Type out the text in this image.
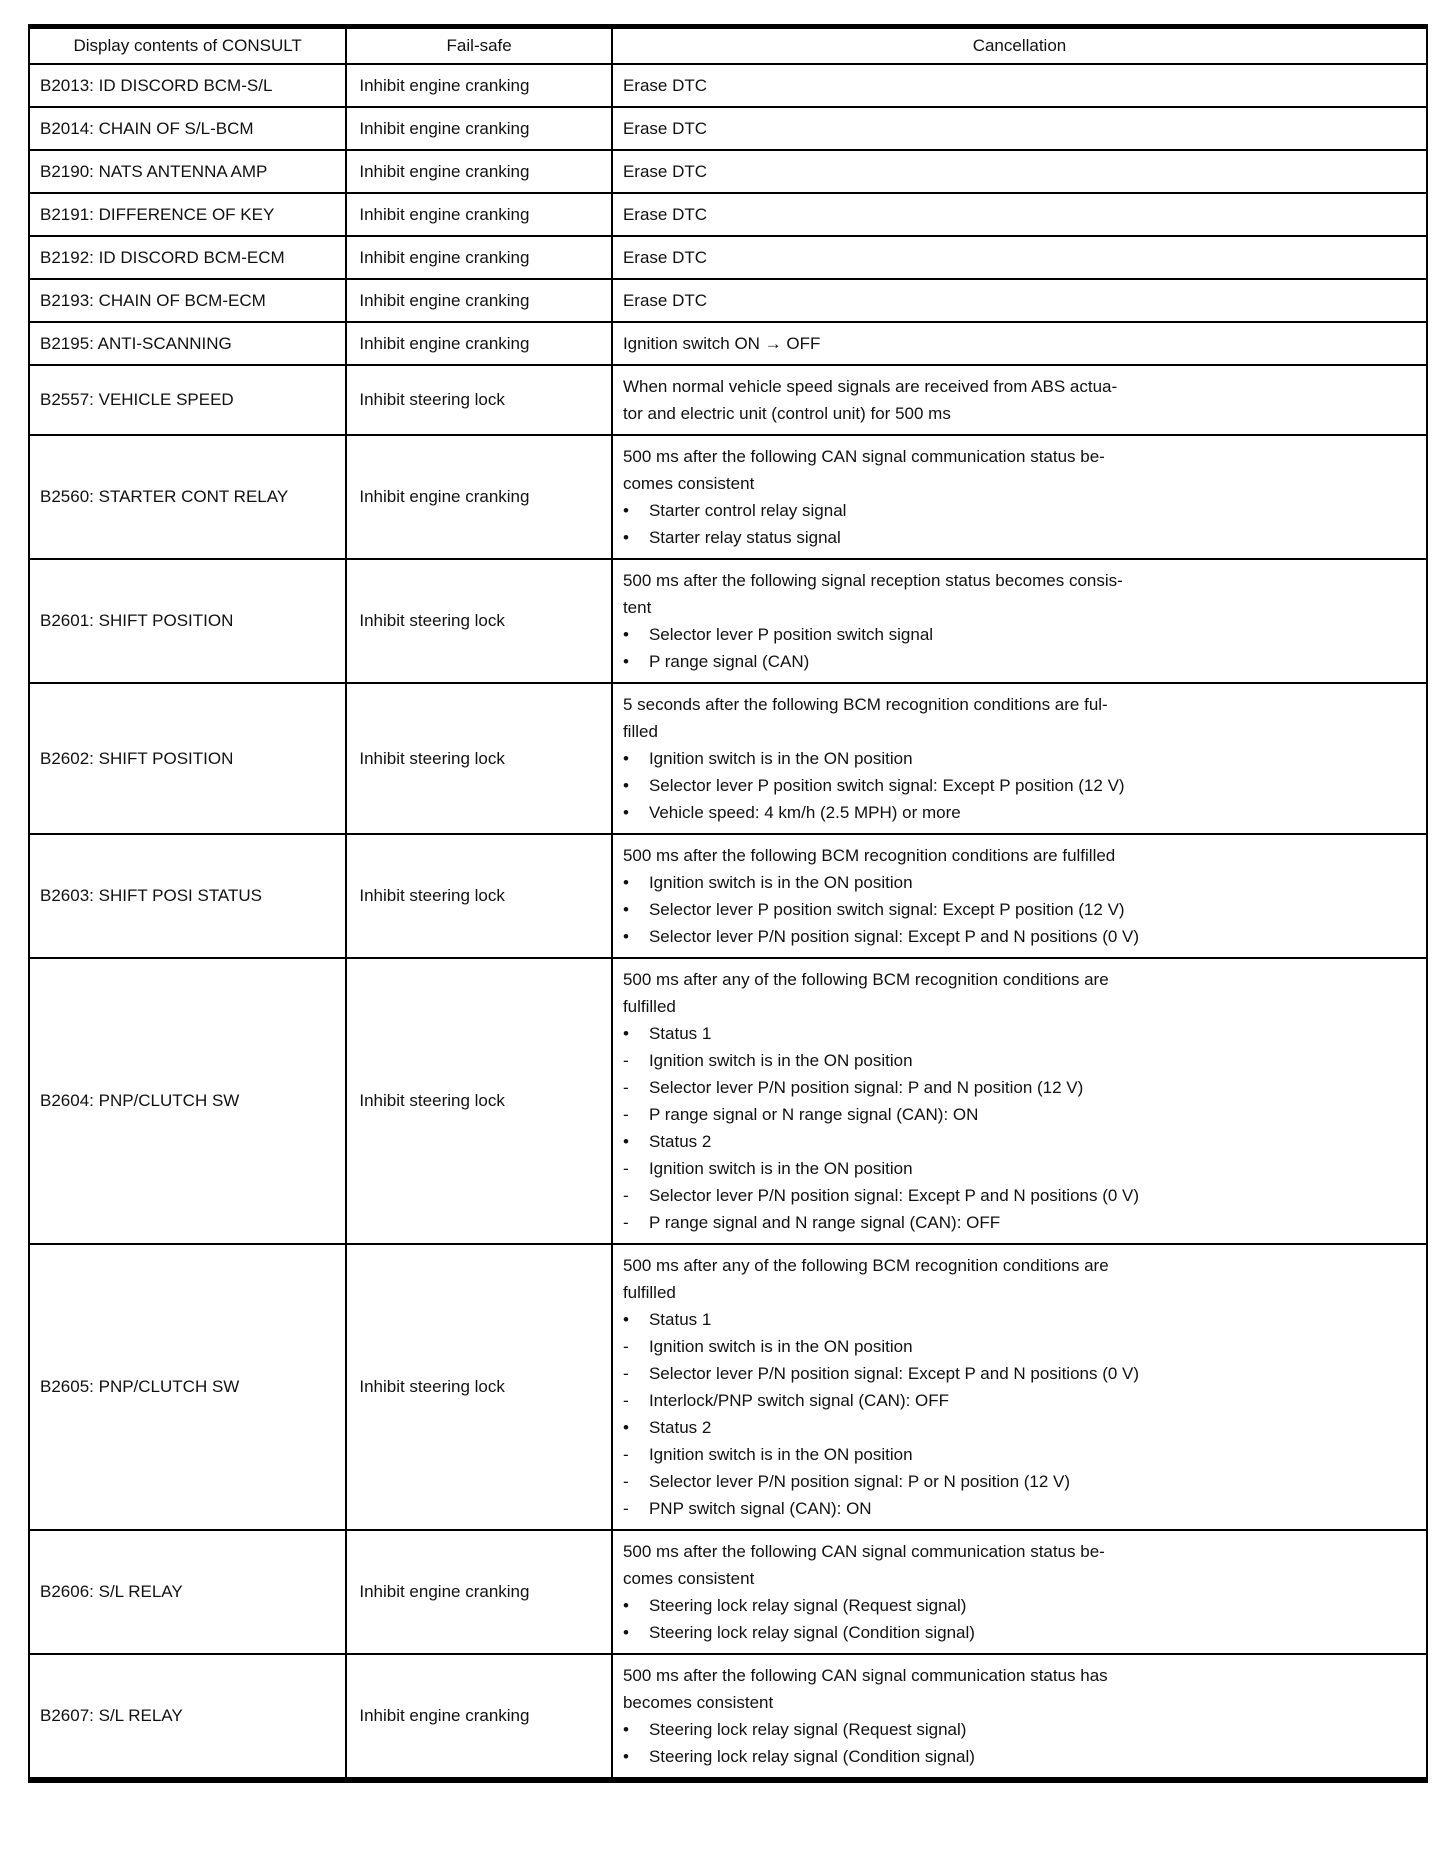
Display contents of CONSULT	Fail-safe	Cancellation
B2013: ID DISCORD BCM-S/L	Inhibit engine cranking	Erase DTC

B2014: CHAIN OF S/L-BCM	Inhibit engine cranking	Erase DTC

B2190: NATS ANTENNA AMP	Inhibit engine cranking	Erase DTC

B2191: DIFFERENCE OF KEY	Inhibit engine cranking	Erase DTC

B2192: ID DISCORD BCM-ECM	Inhibit engine cranking	Erase DTC

B2193: CHAIN OF BCM-ECM	Inhibit engine cranking	Erase DTC

B2195: ANTI-SCANNING	Inhibit engine cranking	Ignition switch ON → OFF

B2557: VEHICLE SPEED	Inhibit steering lock	When normal vehicle speed signals are received from ABS actua-
tor and electric unit (control unit) for 500 ms

B2560: STARTER CONT RELAY	Inhibit engine cranking	
500 ms after the following CAN signal communication status be-
comes consistent
•	Starter control relay signal
•	Starter relay status signal

B2601: SHIFT POSITION	Inhibit steering lock	
500 ms after the following signal reception status becomes consis-
tent
•	Selector lever P position switch signal
•	P range signal (CAN)

B2602: SHIFT POSITION	Inhibit steering lock	
5 seconds after the following BCM recognition conditions are ful-
filled
•	Ignition switch is in the ON position
•	Selector lever P position switch signal: Except P position (12 V)
•	Vehicle speed: 4 km/h (2.5 MPH) or more

B2603: SHIFT POSI STATUS	Inhibit steering lock	
500 ms after the following BCM recognition conditions are fulfilled
•	Ignition switch is in the ON position
•	Selector lever P position switch signal: Except P position (12 V)
•	Selector lever P/N position signal: Except P and N positions (0 V)

B2604: PNP/CLUTCH SW	Inhibit steering lock	
500 ms after any of the following BCM recognition conditions are
fulfilled
•	Status 1
-	Ignition switch is in the ON position
-	Selector lever P/N position signal: P and N position (12 V)
-	P range signal or N range signal (CAN): ON
•	Status 2
-	Ignition switch is in the ON position
-	Selector lever P/N position signal: Except P and N positions (0 V)
-	P range signal and N range signal (CAN): OFF

B2605: PNP/CLUTCH SW	Inhibit steering lock	
500 ms after any of the following BCM recognition conditions are
fulfilled
•	Status 1
-	Ignition switch is in the ON position
-	Selector lever P/N position signal: Except P and N positions (0 V)
-	Interlock/PNP switch signal (CAN): OFF
•	Status 2
-	Ignition switch is in the ON position
-	Selector lever P/N position signal: P or N position (12 V)
-	PNP switch signal (CAN): ON

B2606: S/L RELAY	Inhibit engine cranking	
500 ms after the following CAN signal communication status be-
comes consistent
•	Steering lock relay signal (Request signal)
•	Steering lock relay signal (Condition signal)

B2607: S/L RELAY	Inhibit engine cranking	
500 ms after the following CAN signal communication status has
becomes consistent
•	Steering lock relay signal (Request signal)
•	Steering lock relay signal (Condition signal)
